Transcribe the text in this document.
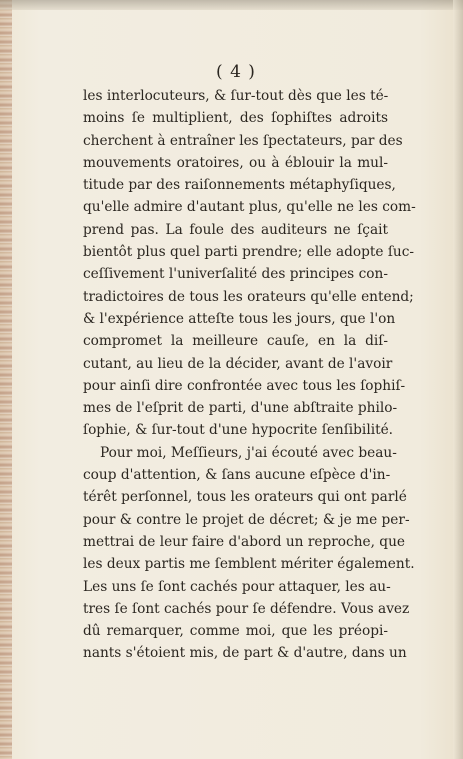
( 4 )
les interlocuteurs, & ſur-tout dès que les té-
moins ſe multiplient, des ſophiſtes adroits
cherchent à entraîner les ſpectateurs, par des
mouvements oratoires, ou à éblouir la mul-
titude par des raiſonnements métaphyſiques,
qu'elle admire d'autant plus, qu'elle ne les com-
prend pas. La foule des auditeurs ne ſçait
bientôt plus quel parti prendre; elle adopte ſuc-
ceſſivement l'univerſalité des principes con-
tradictoires de tous les orateurs qu'elle entend;
& l'expérience atteſte tous les jours, que l'on
compromet la meilleure cauſe, en la diſ-
cutant, au lieu de la décider, avant de l'avoir
pour ainſi dire confrontée avec tous les ſophiſ-
mes de l'eſprit de parti, d'une abſtraite philo-
ſophie, & ſur-tout d'une hypocrite ſenſibilité.
Pour moi, Meſſieurs, j'ai écouté avec beau-
coup d'attention, & ſans aucune eſpèce d'in-
térêt perſonnel, tous les orateurs qui ont parlé
pour & contre le projet de décret; & je me per-
mettrai de leur faire d'abord un reproche, que
les deux partis me ſemblent mériter également.
Les uns ſe ſont cachés pour attaquer, les au-
tres ſe ſont cachés pour ſe défendre. Vous avez
dû remarquer, comme moi, que les préopi-
nants s'étoient mis, de part & d'autre, dans un
